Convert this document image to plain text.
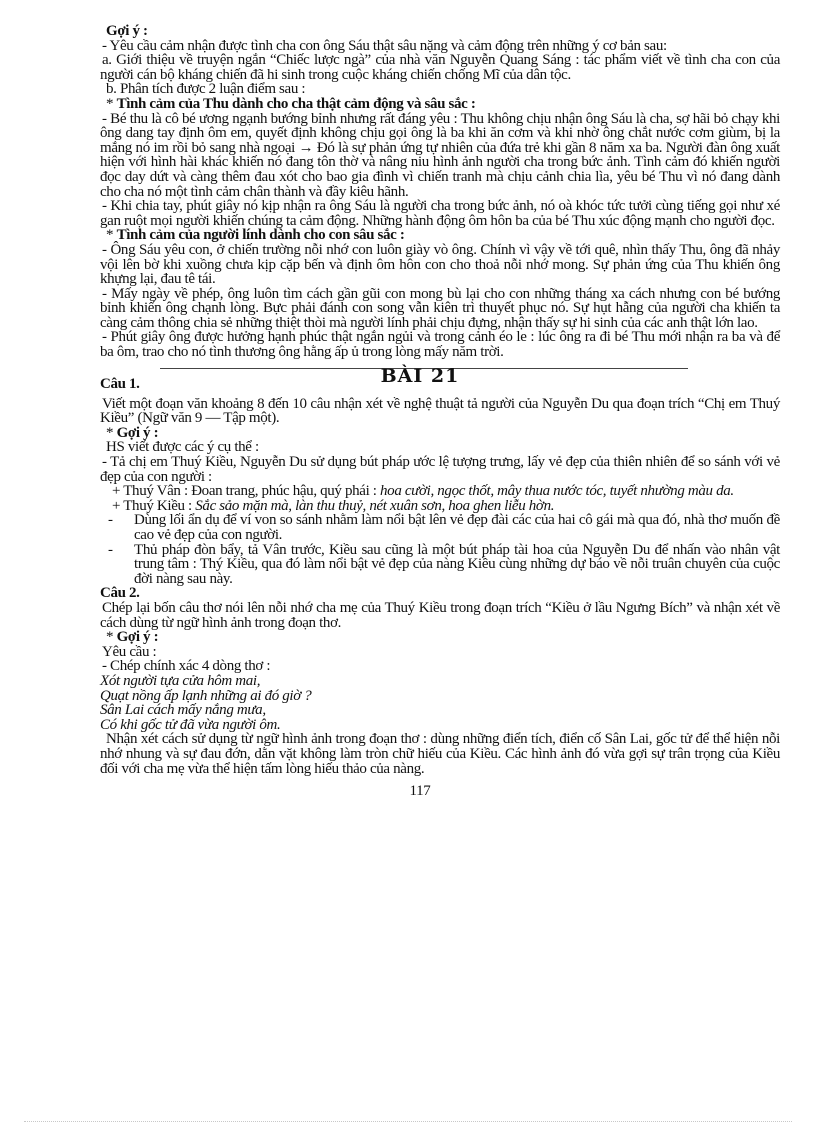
Gợi ý :

- Yêu cầu cảm nhận được tình cha con ông Sáu thật sâu nặng và cảm động trên những ý cơ bản sau:

a. Giới thiệu về truyện ngắn “Chiếc lược ngà” của nhà văn Nguyễn Quang Sáng : tác phẩm viết về tình cha con của người cán bộ kháng chiến đã hi sinh trong cuộc kháng chiến chống Mĩ của dân tộc.

b. Phân tích được 2 luận điểm sau :

* Tình cảm của Thu dành cho cha thật cảm động và sâu sắc :

- Bé thu là cô bé ương ngạnh bướng bỉnh nhưng rất đáng yêu : Thu không chịu nhận ông Sáu là cha, sợ hãi bỏ chạy khi ông dang tay định ôm em, quyết định không chịu gọi ông là ba khi ăn cơm và khi nhờ ông chắt nước cơm giùm, bị la mắng nó im rồi bỏ sang nhà ngoại → Đó là sự phản ứng tự nhiên của đứa trẻ khi gần 8 năm xa ba. Người đàn ông xuất hiện với hình hài khác khiến nó đang tôn thờ và nâng niu hình ảnh người cha trong bức ảnh. Tình cảm đó khiến người đọc day dứt và càng thêm đau xót cho bao gia đình vì chiến tranh mà chịu cảnh chia lìa, yêu bé Thu vì nó đang dành cho cha nó một tình cảm chân thành và đầy kiêu hãnh.

- Khi chia tay, phút giây nó kịp nhận ra ông Sáu là người cha trong bức ảnh, nó oà khóc tức tưởi cùng tiếng gọi như xé gan ruột mọi người khiến chúng ta cảm động. Những hành động ôm hôn ba của bé Thu xúc động mạnh cho người đọc.

* Tình cảm của người lính dành cho con sâu sắc :

- Ông Sáu yêu con, ở chiến trường nỗi nhớ con luôn giày vò ông. Chính vì vậy về tới quê, nhìn thấy Thu, ông đã nhảy vội lên bờ khi xuồng chưa kịp cặp bến và định ôm hôn con cho thoả nỗi nhớ mong. Sự phản ứng của Thu khiến ông khựng lại, đau tê tái.

- Mấy ngày về phép, ông luôn tìm cách gần gũi con mong bù lại cho con những tháng xa cách nhưng con bé bướng bỉnh khiến ông chạnh lòng. Bực phải đánh con song vẫn kiên trì thuyết phục nó. Sự hụt hẫng của người cha khiến ta càng cảm thông chia sẻ những thiệt thòi mà người lính phải chịu đựng, nhận thấy sự hi sinh của các anh thật lớn lao.

- Phút giây ông được hưởng hạnh phúc thật ngắn ngủi và trong cảnh éo le : lúc ông ra đi bé Thu mới nhận ra ba và để ba ôm, trao cho nó tình thương ông hằng ấp ủ trong lòng mấy năm trời.

BÀI 21
Câu 1.

Viết một đoạn văn khoảng 8 đến 10 câu nhận xét về nghệ thuật tả người của Nguyễn Du qua đoạn trích “Chị em Thuý Kiều” (Ngữ văn 9 — Tập một).

* Gợi ý :

HS viết được các ý cụ thể :

- Tả chị em Thuý Kiều, Nguyễn Du sử dụng bút pháp ước lệ tượng trưng, lấy vẻ đẹp của thiên nhiên để so sánh với vẻ đẹp của con người :

+ Thuý Vân : Đoan trang, phúc hậu, quý phái : hoa cười, ngọc thốt, mây thua nước tóc, tuyết nhường màu da.

+ Thuý Kiều : Sắc sảo mặn mà, làn thu thuỷ, nét xuân sơn, hoa ghen liễu hờn.

-	Dùng lối ẩn dụ để ví von so sánh nhằm làm nổi bật lên vẻ đẹp đài các của hai cô gái mà qua đó, nhà thơ muốn đề cao vẻ đẹp của con người.
-	Thủ pháp đòn bẩy, tả Vân trước, Kiều sau cũng là một bút pháp tài hoa của Nguyễn Du để nhấn vào nhân vật trung tâm : Thý Kiều, qua đó làm nổi bật vẻ đẹp của nàng Kiều cùng những dự báo về nỗi truân chuyên của cuộc đời nàng sau này.

Câu 2.

Chép lại bốn câu thơ nói lên nỗi nhớ cha mẹ của Thuý Kiều trong đoạn trích “Kiều ở lầu Ngưng Bích” và nhận xét về cách dùng từ ngữ hình ảnh trong đoạn thơ.

* Gợi ý :

Yêu cầu :

- Chép chính xác 4 dòng thơ :

Xót người tựa cửa hôm mai,

Quạt nồng ấp lạnh những ai đó giờ ?

Sân Lai cách mấy nắng mưa,

Có khi gốc tử đã vừa người ôm.

Nhận xét cách sử dụng từ ngữ hình ảnh trong đoạn thơ : dùng những điển tích, điển cố Sân Lai, gốc tử để thể hiện nỗi nhớ nhung và sự đau đớn, dằn vặt không làm tròn chữ hiếu của Kiều. Các hình ảnh đó vừa gợi sự trân trọng của Kiều đối với cha mẹ vừa thể hiện tấm lòng hiếu thảo của nàng.

117
